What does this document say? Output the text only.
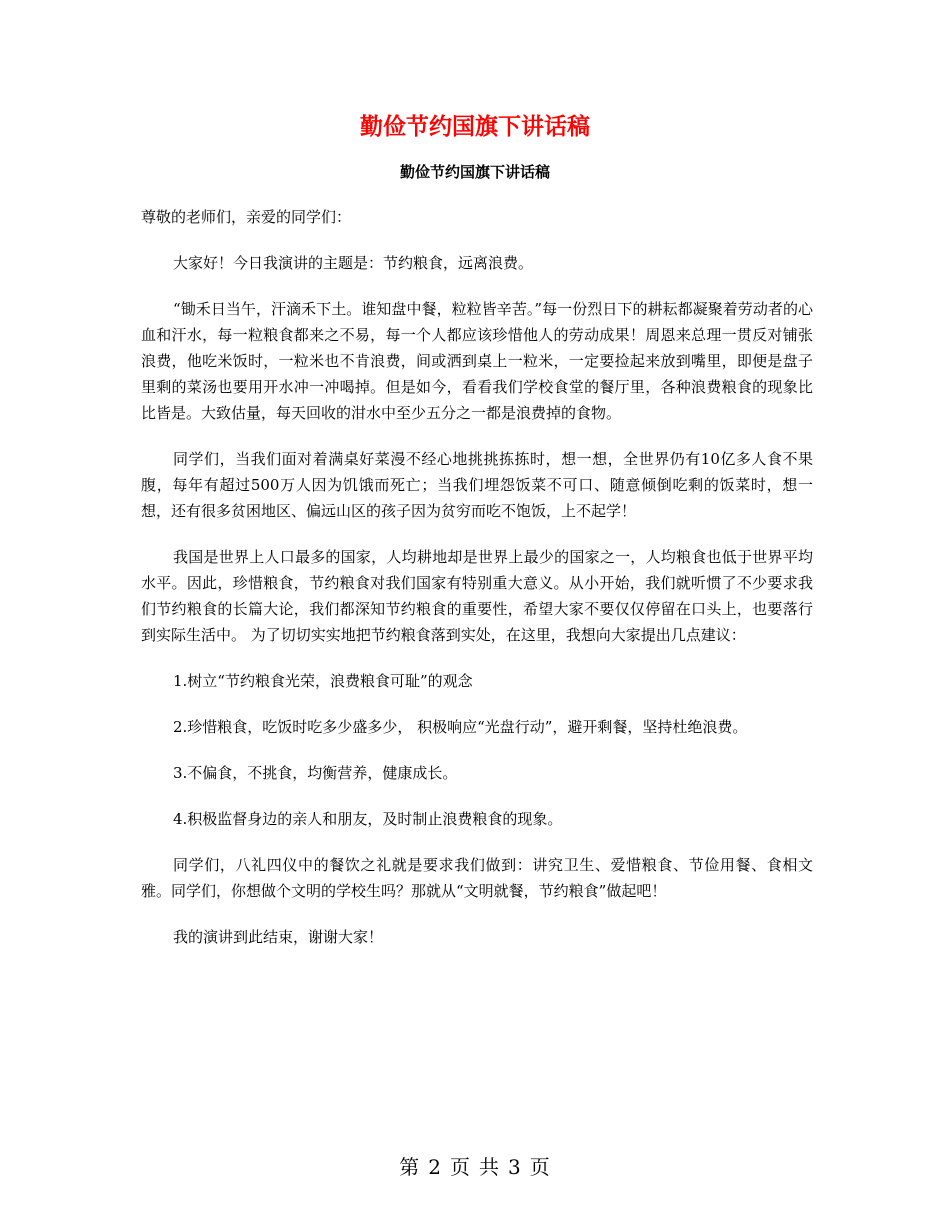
勤俭节约国旗下讲话稿
勤俭节约国旗下讲话稿

尊敬的老师们，亲爱的同学们：

大家好！今日我演讲的主题是：节约粮食，远离浪费。

“锄禾日当午，汗滴禾下土。谁知盘中餐，粒粒皆辛苦。”每一份烈日下的耕耘都凝聚着劳动者的心血和汗水，每一粒粮食都来之不易，每一个人都应该珍惜他人的劳动成果！周恩来总理一贯反对铺张浪费，他吃米饭时，一粒米也不肯浪费，间或洒到桌上一粒米，一定要捡起来放到嘴里，即便是盘子里剩的菜汤也要用开水冲一冲喝掉。但是如今，看看我们学校食堂的餐厅里，各种浪费粮食的现象比比皆是。大致估量，每天回收的泔水中至少五分之一都是浪费掉的食物。

同学们，当我们面对着满桌好菜漫不经心地挑挑拣拣时，想一想，全世界仍有10亿多人食不果腹，每年有超过500万人因为饥饿而死亡；当我们埋怨饭菜不可口、随意倾倒吃剩的饭菜时，想一想，还有很多贫困地区、偏远山区的孩子因为贫穷而吃不饱饭，上不起学！

我国是世界上人口最多的国家，人均耕地却是世界上最少的国家之一，人均粮食也低于世界平均水平。因此，珍惜粮食，节约粮食对我们国家有特别重大意义。从小开始，我们就听惯了不少要求我们节约粮食的长篇大论，我们都深知节约粮食的重要性，希望大家不要仅仅停留在口头上，也要落行到实际生活中。 为了切切实实地把节约粮食落到实处，在这里，我想向大家提出几点建议：

1.树立“节约粮食光荣，浪费粮食可耻”的观念

2.珍惜粮食，吃饭时吃多少盛多少， 积极响应“光盘行动”，避开剩餐，坚持杜绝浪费。

3.不偏食，不挑食，均衡营养，健康成长。

4.积极监督身边的亲人和朋友，及时制止浪费粮食的现象。

同学们，八礼四仪中的餐饮之礼就是要求我们做到：讲究卫生、爱惜粮食、节俭用餐、食相文雅。同学们，你想做个文明的学校生吗？那就从“文明就餐，节约粮食”做起吧！

我的演讲到此结束，谢谢大家！

第 2 页 共 3 页
